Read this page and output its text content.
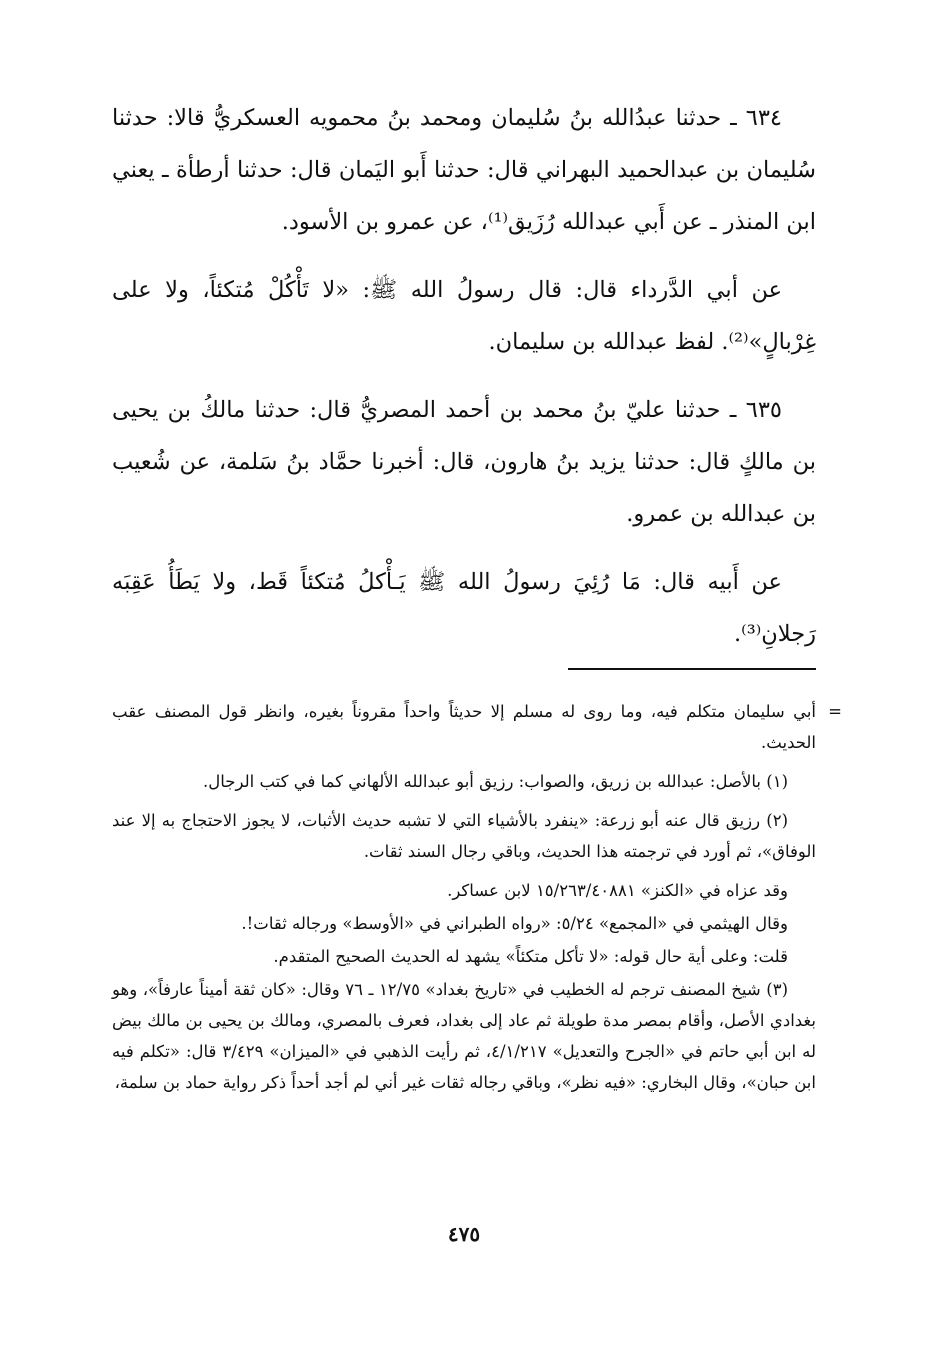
٦٣٤ ـ حدثنا عبدُالله بنُ سُليمان ومحمد بنُ محمويه العسكريُّ قالا: حدثنا سُليمان بن عبدالحميد البهراني قال: حدثنا أَبو اليَمان قال: حدثنا أرطأة ـ يعني ابن المنذر ـ عن أَبي عبدالله رُزَيق⁽¹⁾، عن عمرو بن الأسود.

عن أبي الدَّرداء قال: قال رسولُ الله ﷺ: «لا تَأْكُلْ مُتكئاً، ولا على غِرْبالٍ»⁽²⁾. لفظ عبدالله بن سليمان.

٦٣٥ ـ حدثنا عليّ بنُ محمد بن أحمد المصريُّ قال: حدثنا مالكُ بن يحيى بن مالكٍ قال: حدثنا يزيد بنُ هارون، قال: أخبرنا حمَّاد بنُ سَلمة، عن شُعيب بن عبدالله بن عمرو.

عن أَبيه قال: مَا رُئِيَ رسولُ الله ﷺ يَـأْكلُ مُتكئاً قَط، ولا يَطَأُ عَقِبَه رَجلانِ⁽³⁾.

=
أبي سليمان متكلم فيه، وما روى له مسلم إلا حديثاً واحداً مقروناً بغيره، وانظر قول المصنف عقب الحديث.

(١) بالأصل: عبدالله بن زريق، والصواب: رزيق أبو عبدالله الألهاني كما في كتب الرجال.

(٢) رزيق قال عنه أبو زرعة: «ينفرد بالأشياء التي لا تشبه حديث الأثبات، لا يجوز الاحتجاج به إلا عند الوفاق»، ثم أورد في ترجمته هذا الحديث، وباقي رجال السند ثقات.

وقد عزاه في «الكنز» ١٥/٢٦٣/٤٠٨٨١ لابن عساكر.

وقال الهيثمي في «المجمع» ٥/٢٤: «رواه الطبراني في «الأوسط» ورجاله ثقات!.

قلت: وعلى أية حال قوله: «لا تأكل متكئاً» يشهد له الحديث الصحيح المتقدم.

(٣) شيخ المصنف ترجم له الخطيب في «تاريخ بغداد» ١٢/٧٥ ـ ٧٦ وقال: «كان ثقة أميناً عارفاً»، وهو بغدادي الأصل، وأقام بمصر مدة طويلة ثم عاد إلى بغداد، فعرف بالمصري، ومالك بن يحيى بن مالك بيض له ابن أبي حاتم في «الجرح والتعديل» ٤/١/٢١٧، ثم رأيت الذهبي في «الميزان» ٣/٤٢٩ قال: «تكلم فيه ابن حبان»، وقال البخاري: «فيه نظر»، وباقي رجاله ثقات غير أني لم أجد أحداً ذكر رواية حماد بن سلمة،

٤٧٥
